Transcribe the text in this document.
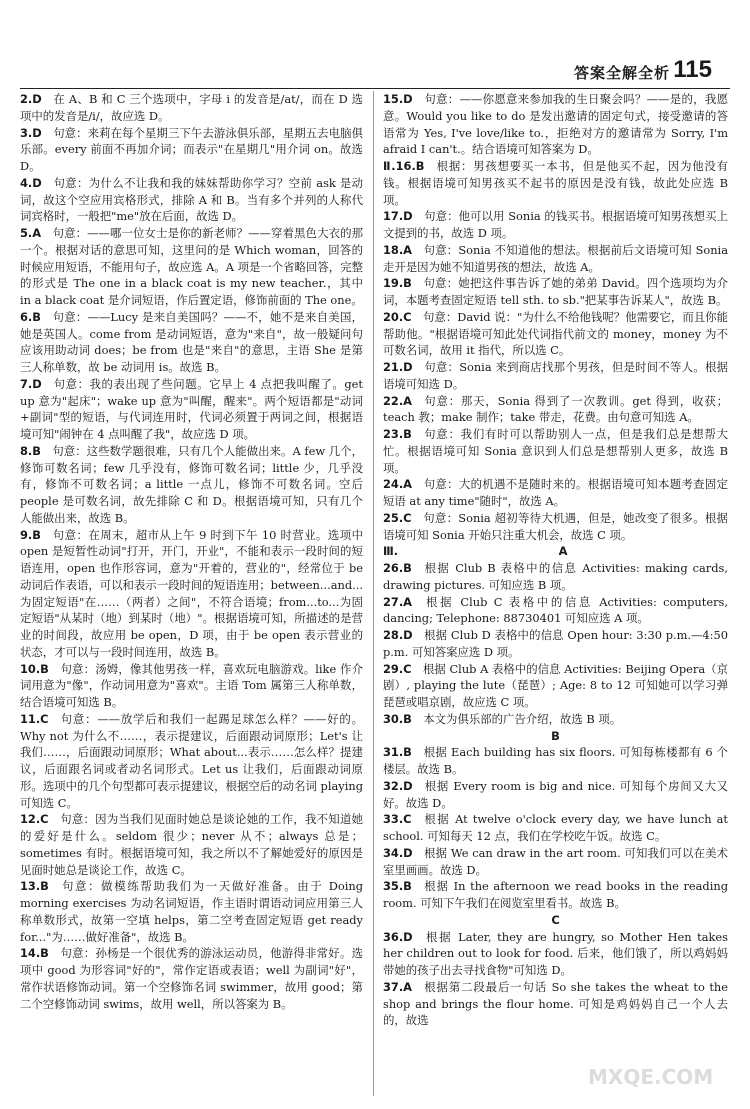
答案全解全析 115

2.D  在 A、B 和 C 三个选项中，字母 i 的发音是/at/，而在 D 选项中的发音是/i/，故应选 D。

3.D  句意：来莉在每个星期三下午去游泳俱乐部，星期五去电脑俱乐部。every 前面不再加介词；而表示"在星期几"用介词 on。故选 D。

4.D  句意：为什么不让我和我的妹妹帮助你学习？空前 ask 是动词，故这个空应用宾格形式，排除 A 和 B。当有多个并列的人称代词宾格时，一般把"me"放在后面，故选 D。

5.A  句意：——哪一位女士是你的新老师？——穿着黑色大衣的那一个。根据对话的意思可知，这里问的是 Which woman，回答的时候应用短语，不能用句子，故应选 A。A 项是一个省略回答，完整的形式是 The one in a black coat is my new teacher.，其中 in a black coat 是介词短语，作后置定语，修饰前面的 The one。

6.B  句意：——Lucy 是来自美国吗？——不，她不是来自美国，她是英国人。come from 是动词短语，意为"来自"，故一般疑问句应该用助动词 does；be from 也是"来自"的意思，主语 She 是第三人称单数，故 be 动词用 is。故选 B。

7.D  句意：我的表出现了些问题。它早上 4 点把我叫醒了。get up 意为"起床"；wake up 意为"叫醒，醒来"。两个短语都是"动词+副词"型的短语，与代词连用时，代词必须置于两词之间，根据语境可知"闹钟在 4 点叫醒了我"，故应选 D 项。

8.B  句意：这些数学题很难，只有几个人能做出来。A few 几个，修饰可数名词；few 几乎没有，修饰可数名词；little 少，几乎没有，修饰不可数名词；a little 一点儿，修饰不可数名词。空后 people 是可数名词，故先排除 C 和 D。根据语境可知，只有几个人能做出来，故选 B。

9.B  句意：在周末，超市从上午 9 时到下午 10 时营业。选项中 open 是短暂性动词"打开，开门，开业"，不能和表示一段时间的短语连用，open 也作形容词，意为"开着的，营业的"，经常位于 be 动词后作表语，可以和表示一段时间的短语连用；between...and...为固定短语"在……（两者）之间"，不符合语境；from...to...为固定短语"从某时（地）到某时（地）"。根据语境可知，所描述的是营业的时间段，故应用 be open，D 项，由于 be open 表示营业的状态，才可以与一段时间连用，故选 B。

10.B  句意：汤姆，像其他男孩一样，喜欢玩电脑游戏。like 作介词用意为"像"，作动词用意为"喜欢"。主语 Tom 属第三人称单数，结合语境可知选 B。

11.C  句意：——放学后和我们一起踢足球怎么样？——好的。Why not 为什么不……，表示提建议，后面跟动词原形；Let's 让我们……，后面跟动词原形；What about...表示……怎么样？提建议，后面跟名词或者动名词形式。Let us 让我们，后面跟动词原形。选项中的几个句型都可表示提建议，根据空后的动名词 playing 可知选 C。

12.C  句意：因为当我们见面时她总是谈论她的工作，我不知道她的爱好是什么。seldom 很少；never 从不；always 总是；sometimes 有时。根据语境可知，我之所以不了解她爱好的原因是见面时她总是谈论工作，故选 C。

13.B  句意：做模练帮助我们为一天做好准备。由于 Doing morning exercises 为动名词短语，作主语时谓语动词应用第三人称单数形式，故第一空填 helps，第二空考查固定短语 get ready for..."为……做好准备"，故选 B。

14.B  句意：孙杨是一个很优秀的游泳运动员，他游得非常好。选项中 good 为形容词"好的"，常作定语或表语；well 为副词"好"，常作状语修饰动词。第一个空修饰名词 swimmer，故用 good；第二个空修饰动词 swims，故用 well，所以答案为 B。

15.D  句意：——你愿意来参加我的生日聚会吗？——是的，我愿意。Would you like to do 是发出邀请的固定句式，接受邀请的答语常为 Yes, I've love/like to.，拒绝对方的邀请常为 Sorry, I'm afraid I can't.。结合语境可知答案为 D。

Ⅱ.16.B  根据：男孩想要买一本书，但是他买不起，因为他没有钱。根据语境可知男孩买不起书的原因是没有钱，故此处应选 B 项。

17.D  句意：他可以用 Sonia 的钱买书。根据语境可知男孩想买上文提到的书，故选 D 项。

18.A  句意：Sonia 不知道他的想法。根据前后文语境可知 Sonia 走开是因为她不知道男孩的想法，故选 A。

19.B  句意：她把这件事告诉了她的弟弟 David。四个选项均为介词，本题考查固定短语 tell sth. to sb."把某事告诉某人"，故选 B。

20.C  句意：David 说："为什么不给他钱呢？他需要它，而且你能帮助他。"根据语境可知此处代词指代前文的 money，money 为不可数名词，故用 it 指代，所以选 C。

21.D  句意：Sonia 来到商店找那个男孩，但是时间不等人。根据语境可知选 D。

22.A  句意：那天，Sonia 得到了一次教训。get 得到，收获；teach 教；make 制作；take 带走，花费。由句意可知选 A。

23.B  句意：我们有时可以帮助别人一点，但是我们总是想帮大忙。根据语境可知 Sonia 意识到人们总是想帮别人更多，故选 B 项。

24.A  句意：大的机遇不是随时来的。根据语境可知本题考查固定短语 at any time"随时"，故选 A。

25.C  句意：Sonia 超初等待大机遇，但是，她改变了很多。根据语境可知 Sonia 开始只注重大机会，故选 C 项。

Ⅲ.	A

26.B  根据 Club B 表格中的信息 Activities: making cards, drawing pictures. 可知应选 B 项。

27.A  根据 Club C 表格中的信息 Activities: computers, dancing; Telephone: 88730401 可知应选 A 项。

28.D  根据 Club D 表格中的信息 Open hour: 3:30 p.m.—4:50 p.m. 可知答案应选 D 项。

29.C  根据 Club A 表格中的信息 Activities: Beijing Opera（京剧）, playing the lute（琵琶）; Age: 8 to 12 可知她可以学习弹琵琶或唱京剧，故应选 C 项。

30.B  本文为俱乐部的广告介绍，故选 B 项。

B

31.B  根据 Each building has six floors. 可知每栋楼都有 6 个楼层。故选 B。

32.D  根据 Every room is big and nice. 可知每个房间又大又好。故选 D。

33.C  根据 At twelve o'clock every day, we have lunch at school. 可知每天 12 点，我们在学校吃午饭。故选 C。

34.D  根据 We can draw in the art room. 可知我们可以在美术室里画画。故选 D。

35.B  根据 In the afternoon we read books in the reading room. 可知下午我们在阅览室里看书。故选 B。

C

36.D  根据 Later, they are hungry, so Mother Hen takes her children out to look for food. 后来，他们饿了，所以鸡妈妈带她的孩子出去寻找食物"可知选 D。

37.A  根据第二段最后一句话 So she takes the wheat to the shop and brings the flour home. 可知是鸡妈妈自己一个人去的，故选

MXQE.COM
